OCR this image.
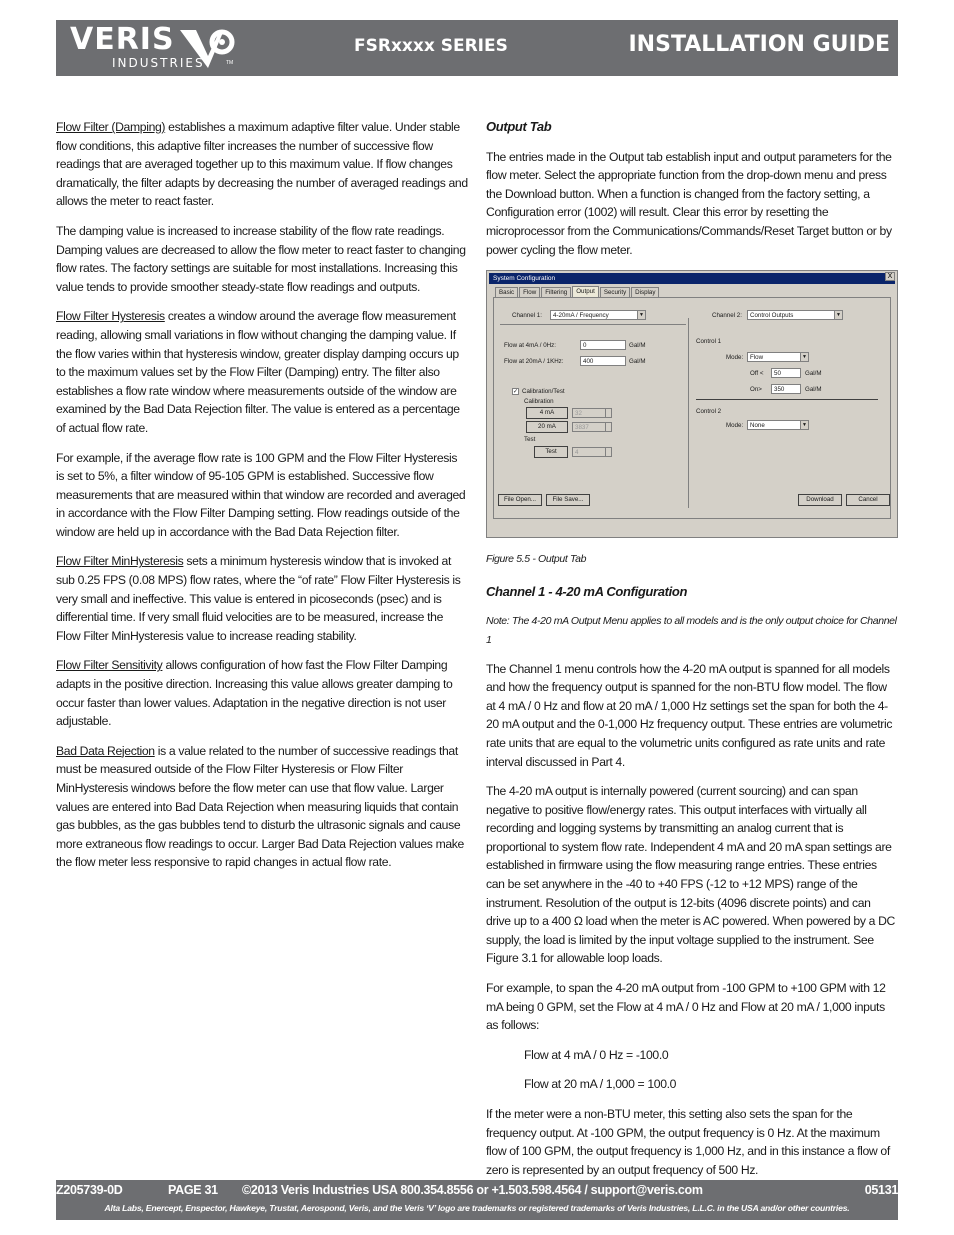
VERIS
INDUSTRIES	TM
FSRxxxx SERIES	INSTALLATION GUIDE

Flow Filter (Damping) establishes a maximum adaptive filter value. Under stable flow conditions, this adaptive filter increases the number of successive flow readings that are averaged together up to this maximum value. If flow changes dramatically, the filter adapts by decreasing the number of averaged readings and allows the meter to react faster.

The damping value is increased to increase stability of the flow rate readings. Damping values are decreased to allow the flow meter to react faster to changing flow rates. The factory settings are suitable for most installations. Increasing this value tends to provide smoother steady-state flow readings and outputs.

Flow Filter Hysteresis creates a window around the average flow measurement reading, allowing small variations in flow without changing the damping value. If the flow varies within that hysteresis window, greater display damping occurs up to the maximum values set by the Flow Filter (Damping) entry. The filter also establishes a flow rate window where measurements outside of the window are examined by the Bad Data Rejection filter. The value is entered as a percentage of actual flow rate.

For example, if the average flow rate is 100 GPM and the Flow Filter Hysteresis is set to 5%, a filter window of 95-105 GPM is established. Successive flow measurements that are measured within that window are recorded and averaged in accordance with the Flow Filter Damping setting. Flow readings outside of the window are held up in accordance with the Bad Data Rejection filter.

Flow Filter MinHysteresis sets a minimum hysteresis window that is invoked at sub 0.25 FPS (0.08 MPS) flow rates, where the “of rate” Flow Filter Hysteresis is very small and ineffective. This value is entered in picoseconds (psec) and is differential time. If very small fluid velocities are to be measured, increase the Flow Filter MinHysteresis value to increase reading stability.

Flow Filter Sensitivity allows configuration of how fast the Flow Filter Damping adapts in the positive direction. Increasing this value allows greater damping to occur faster than lower values. Adaptation in the negative direction is not user adjustable.

Bad Data Rejection is a value related to the number of successive readings that must be measured outside of the Flow Filter Hysteresis or Flow Filter MinHysteresis windows before the flow meter can use that flow value. Larger values are entered into Bad Data Rejection when measuring liquids that contain gas bubbles, as the gas bubbles tend to disturb the ultrasonic signals and cause more extraneous flow readings to occur. Larger Bad Data Rejection values make the flow meter less responsive to rapid changes in actual flow rate.

Output Tab

The entries made in the Output tab establish input and output parameters for the flow meter. Select the appropriate function from the drop-down menu and press the Download button. When a function is changed from the factory setting, a Configuration error (1002) will result. Clear this error by resetting the microprocessor from the Communications/Commands/Reset Target button or by power cycling the flow meter.

System Configuration	X
Basic	Flow	Filtering	Output	Security	Display
Channel 1:	4-20mA / Frequency	▼
Flow at 4mA / 0Hz:	0	Gal/M
Flow at 20mA / 1KHz:	400	Gal/M
✓ Calibration/Test
Calibration
4 mA	32
20 mA	3837
Test
Test	4
Channel 2:	Control Outputs	▼
Control 1
Mode:	Flow	▼
Off <	50	Gal/M
On>	350	Gal/M
Control 2
Mode:	None	▼
File Open...	File Save...	Download	Cancel
Figure 5.5 - Output Tab
Channel 1 - 4-20 mA Configuration
Note: The 4-20 mA Output Menu applies to all models and is the only output choice for Channel 1

The Channel 1 menu controls how the 4-20 mA output is spanned for all models and how the frequency output is spanned for the non-BTU flow model. The flow at 4 mA / 0 Hz and flow at 20 mA / 1,000 Hz settings set the span for both the 4-20 mA output and the 0-1,000 Hz frequency output. These entries are volumetric rate units that are equal to the volumetric units configured as rate units and rate interval discussed in Part 4.

The 4-20 mA output is internally powered (current sourcing) and can span negative to positive flow/energy rates. This output interfaces with virtually all recording and logging systems by transmitting an analog current that is proportional to system flow rate. Independent 4 mA and 20 mA span settings are established in firmware using the flow measuring range entries. These entries can be set anywhere in the -40 to +40 FPS (-12 to +12 MPS) range of the instrument. Resolution of the output is 12-bits (4096 discrete points) and can drive up to a 400 Ω load when the meter is AC powered. When powered by a DC supply, the load is limited by the input voltage supplied to the instrument. See Figure 3.1 for allowable loop loads.

For example, to span the 4-20 mA output from -100 GPM to +100 GPM with 12 mA being 0 GPM, set the Flow at 4 mA / 0 Hz and Flow at 20 mA / 1,000 inputs as follows:

Flow at 4 mA / 0 Hz = -100.0

Flow at 20 mA / 1,000 = 100.0

If the meter were a non-BTU meter, this setting also sets the span for the frequency output. At -100 GPM, the output frequency is 0 Hz. At the maximum flow of 100 GPM, the output frequency is 1,000 Hz, and in this instance a flow of zero is represented by an output frequency of 500 Hz.

Z205739-0D	PAGE 31 ©2013 Veris Industries USA 800.354.8556 or +1.503.598.4564 / support@veris.com	05131
Alta Labs, Enercept, Enspector, Hawkeye, Trustat, Aerospond, Veris, and the Veris ‘V’ logo are trademarks or registered trademarks of Veris Industries, L.L.C. in the USA and/or other countries.
